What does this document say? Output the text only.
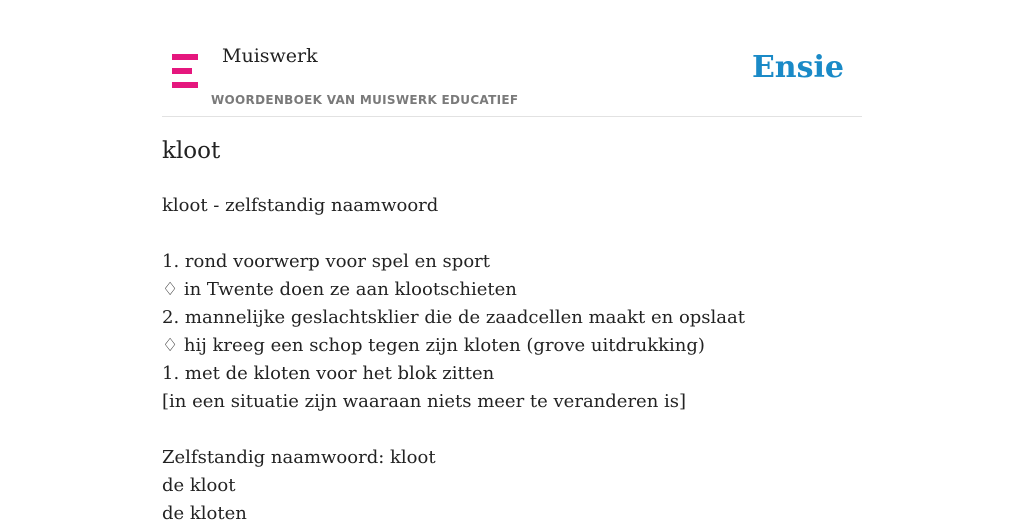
Muiswerk
WOORDENBOEK VAN MUISWERK EDUCATIEF
Ensie
kloot
kloot - zelfstandig naamwoord
1. rond voorwerp voor spel en sport
♢ in Twente doen ze aan klootschieten
2. mannelijke geslachtsklier die de zaadcellen maakt en opslaat
♢ hij kreeg een schop tegen zijn kloten (grove uitdrukking)
1. met de kloten voor het blok zitten
[in een situatie zijn waaraan niets meer te veranderen is]
Zelfstandig naamwoord: kloot
de kloot
de kloten
